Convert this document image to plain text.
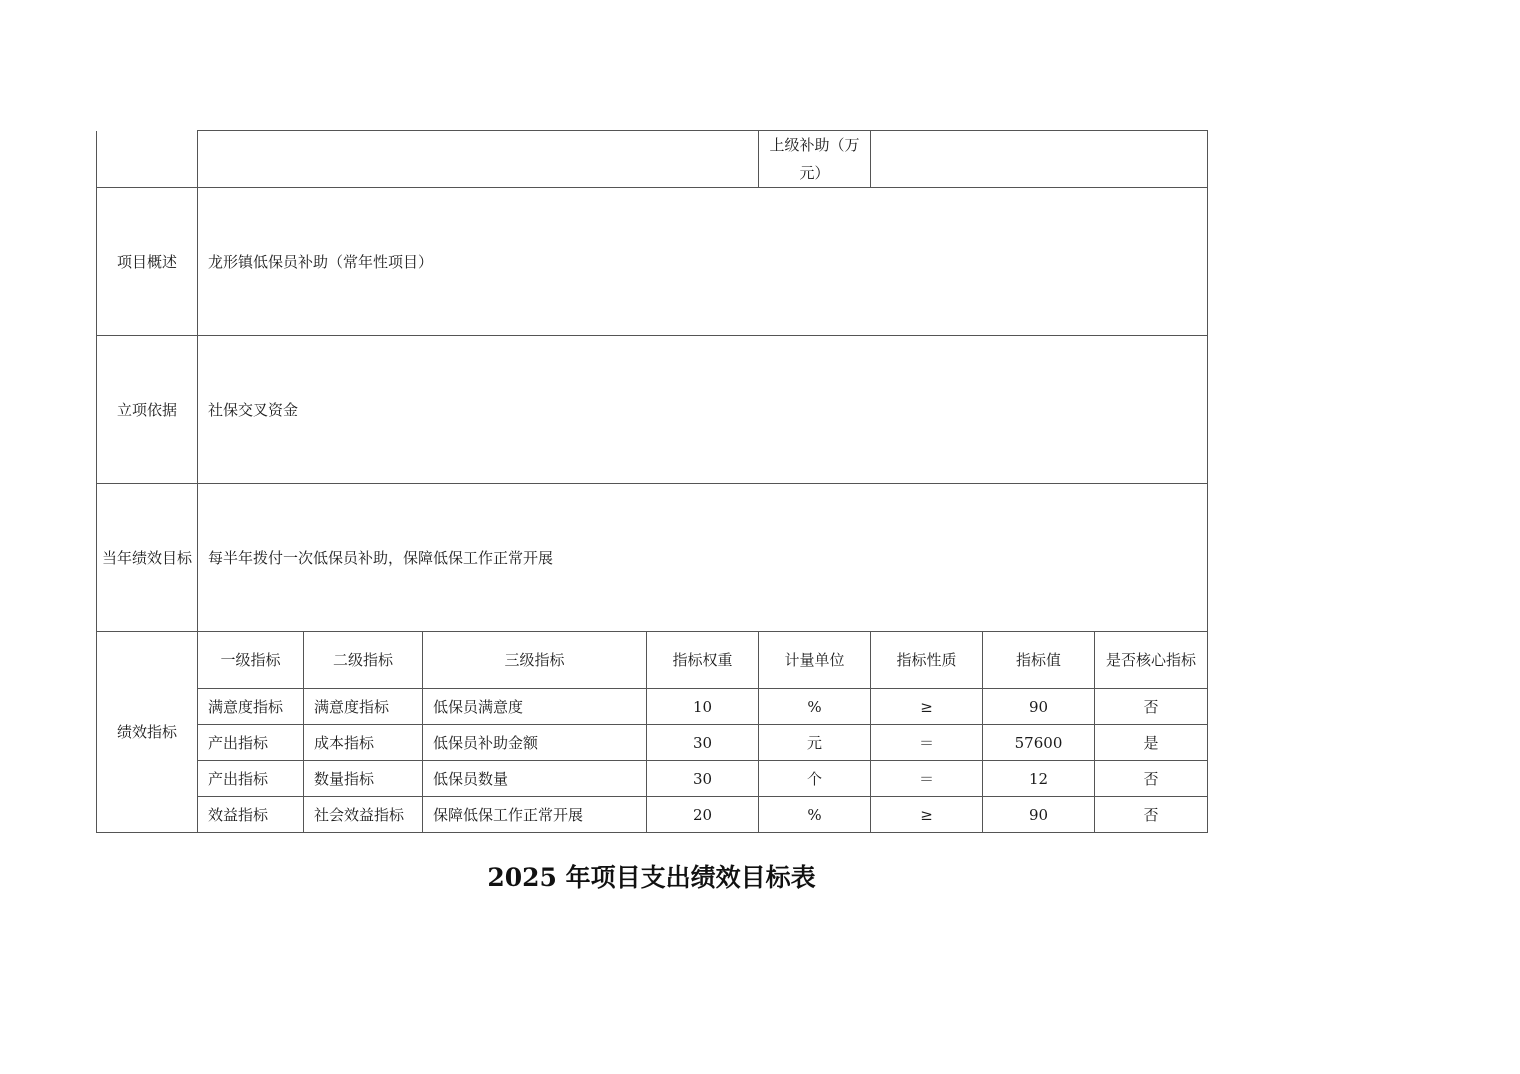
					上级补助（万元）			
项目概述	龙形镇低保员补助（常年性项目）							
立项依据	社保交叉资金							
当年绩效目标	每半年拨付一次低保员补助，保障低保工作正常开展							
绩效指标	一级指标	二级指标	三级指标	指标权重	计量单位	指标性质	指标值	是否核心指标
	满意度指标	满意度指标	低保员满意度	10	%	≥	90	否
	产出指标	成本指标	低保员补助金额	30	元	＝	57600	是
	产出指标	数量指标	低保员数量	30	个	＝	12	否
	效益指标	社会效益指标	保障低保工作正常开展	20	%	≥	90	否
2025 年项目支出绩效目标表
